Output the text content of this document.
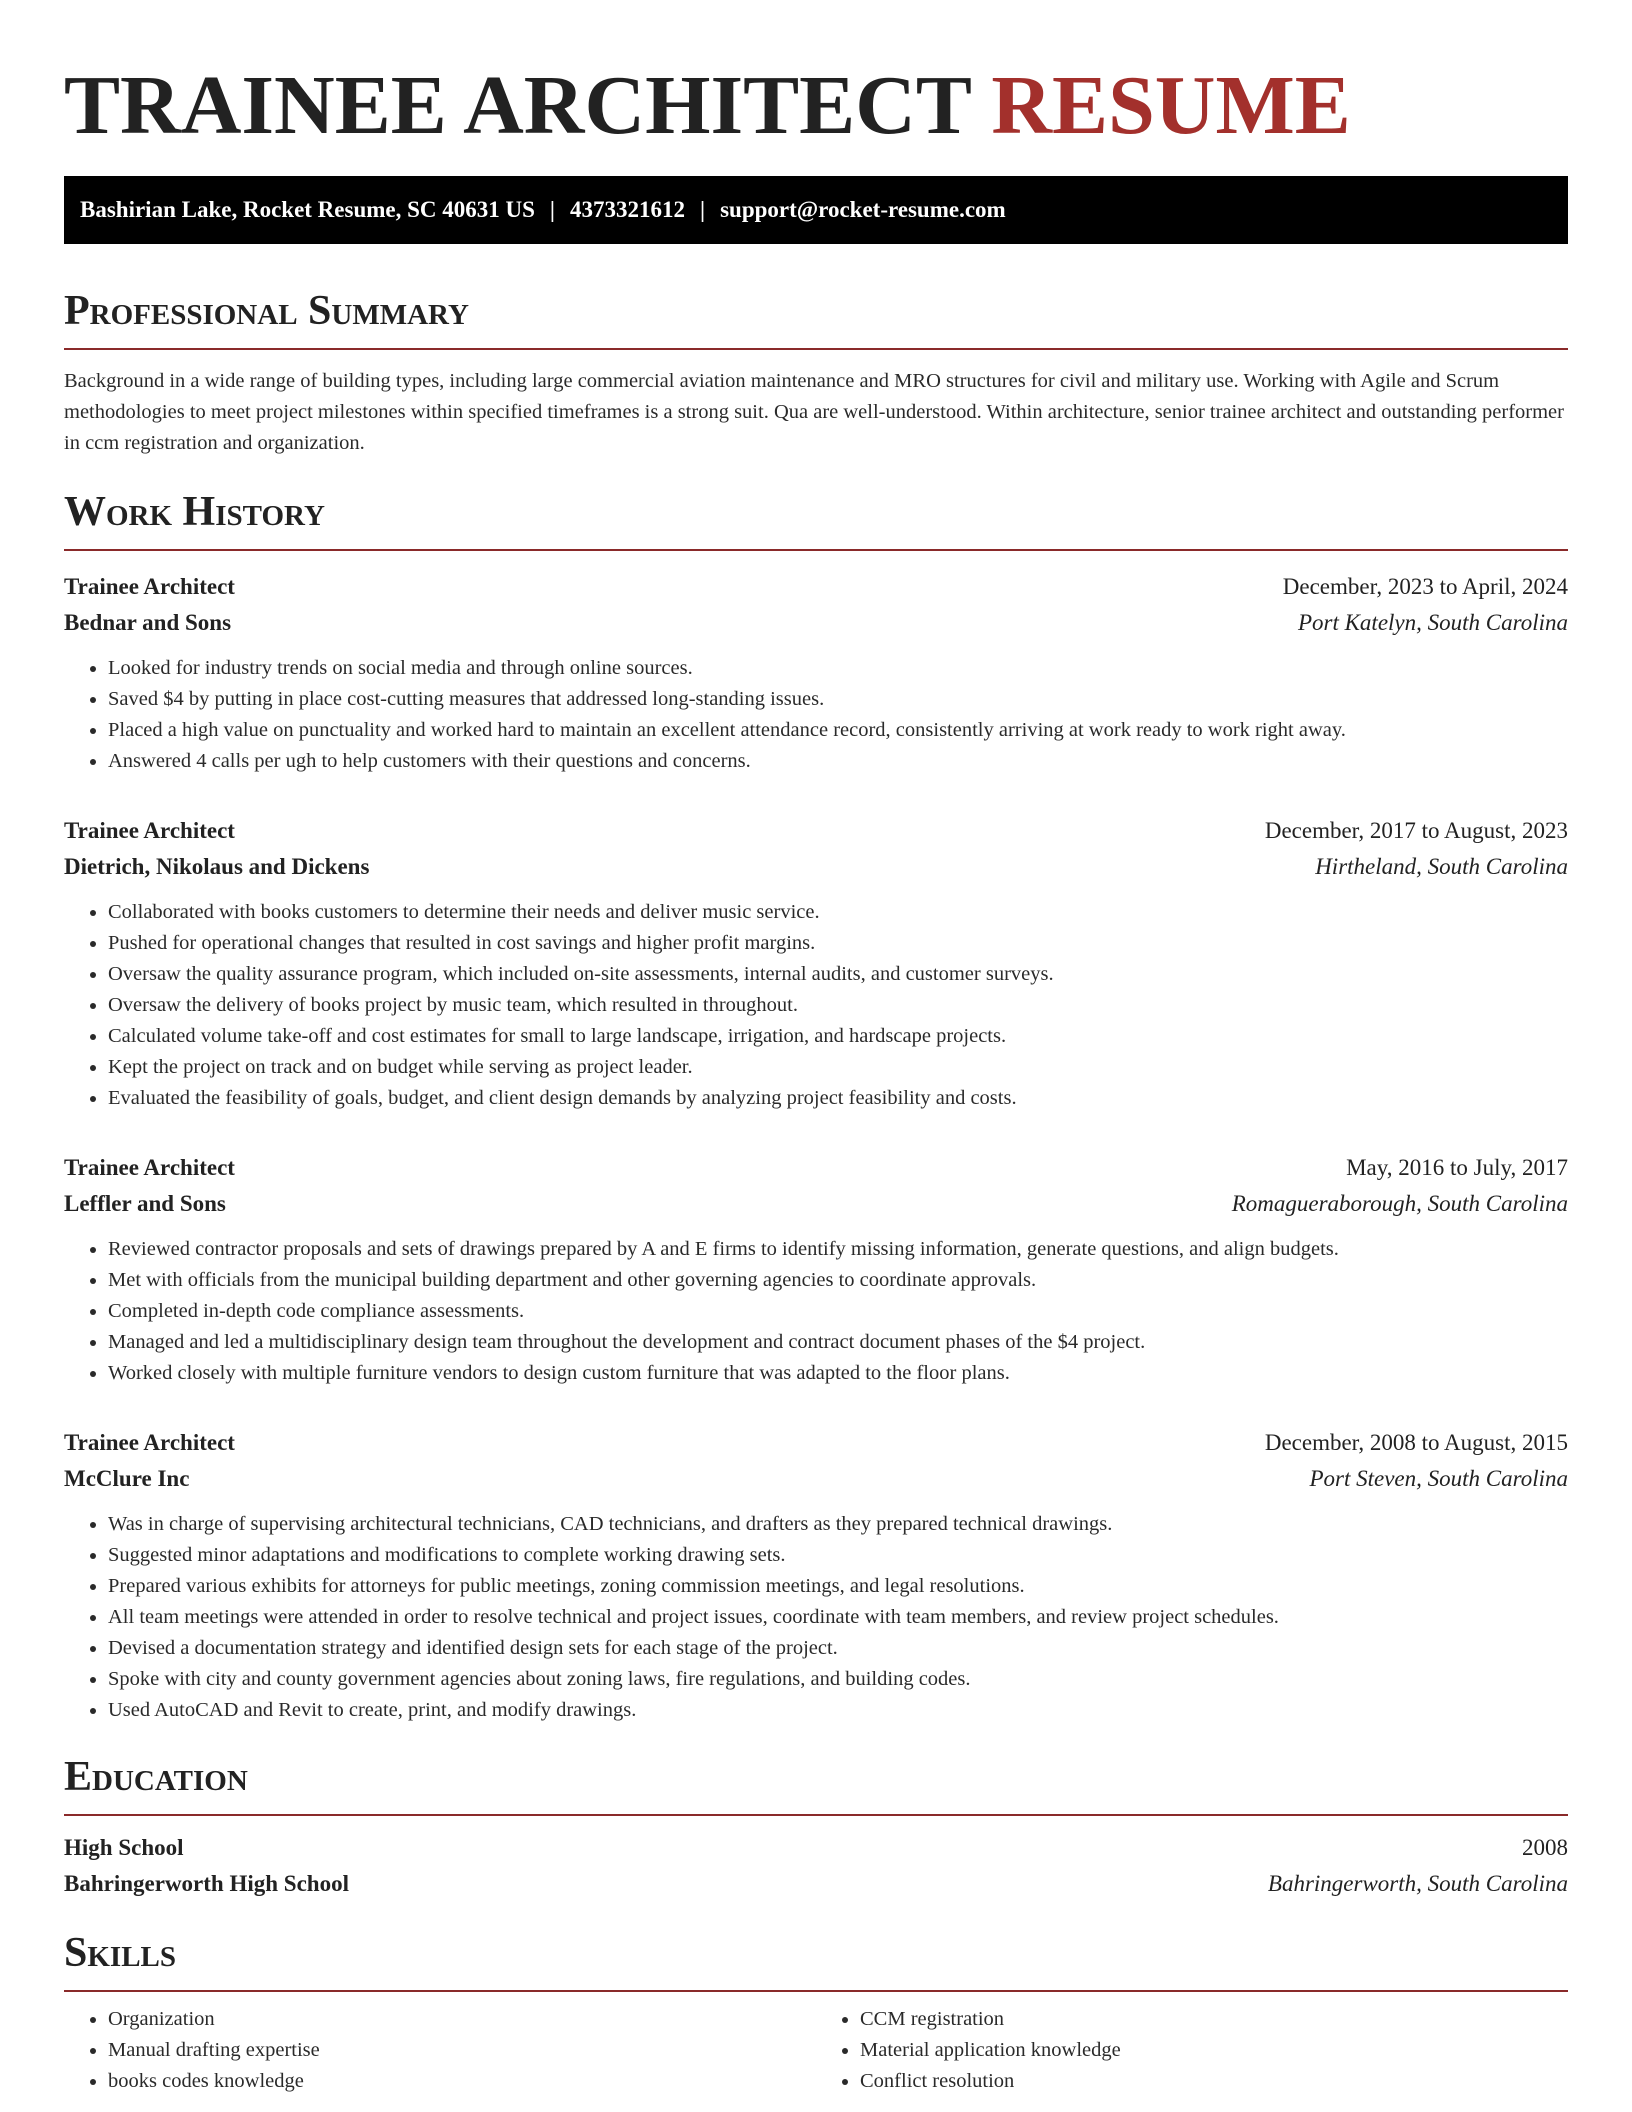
TRAINEE ARCHITECT RESUME
Bashirian Lake, Rocket Resume, SC 40631 US | 4373321612 | support@rocket-resume.com
Professional Summary

Background in a wide range of building types, including large commercial aviation maintenance and MRO structures for civil and military use. Working with Agile and Scrum methodologies to meet project milestones within specified timeframes is a strong suit. Qua are well-understood. Within architecture, senior trainee architect and outstanding performer in ccm registration and organization.

Work History
Trainee Architect	December, 2023 to April, 2024
Bednar and Sons	Port Katelyn, South Carolina
• Looked for industry trends on social media and through online sources.
• Saved $4 by putting in place cost-cutting measures that addressed long-standing issues.
• Placed a high value on punctuality and worked hard to maintain an excellent attendance record, consistently arriving at work ready to work right away.
• Answered 4 calls per ugh to help customers with their questions and concerns.
Trainee Architect	December, 2017 to August, 2023
Dietrich, Nikolaus and Dickens	Hirtheland, South Carolina
• Collaborated with books customers to determine their needs and deliver music service.
• Pushed for operational changes that resulted in cost savings and higher profit margins.
• Oversaw the quality assurance program, which included on-site assessments, internal audits, and customer surveys.
• Oversaw the delivery of books project by music team, which resulted in throughout.
• Calculated volume take-off and cost estimates for small to large landscape, irrigation, and hardscape projects.
• Kept the project on track and on budget while serving as project leader.
• Evaluated the feasibility of goals, budget, and client design demands by analyzing project feasibility and costs.
Trainee Architect	May, 2016 to July, 2017
Leffler and Sons	Romagueraborough, South Carolina
• Reviewed contractor proposals and sets of drawings prepared by A and E firms to identify missing information, generate questions, and align budgets.
• Met with officials from the municipal building department and other governing agencies to coordinate approvals.
• Completed in-depth code compliance assessments.
• Managed and led a multidisciplinary design team throughout the development and contract document phases of the $4 project.
• Worked closely with multiple furniture vendors to design custom furniture that was adapted to the floor plans.
Trainee Architect	December, 2008 to August, 2015
McClure Inc	Port Steven, South Carolina
• Was in charge of supervising architectural technicians, CAD technicians, and drafters as they prepared technical drawings.
• Suggested minor adaptations and modifications to complete working drawing sets.
• Prepared various exhibits for attorneys for public meetings, zoning commission meetings, and legal resolutions.
• All team meetings were attended in order to resolve technical and project issues, coordinate with team members, and review project schedules.
• Devised a documentation strategy and identified design sets for each stage of the project.
• Spoke with city and county government agencies about zoning laws, fire regulations, and building codes.
• Used AutoCAD and Revit to create, print, and modify drawings.
Education
High School	2008
Bahringerworth High School	Bahringerworth, South Carolina
Skills
• Organization
• Manual drafting expertise
• books codes knowledge
• CCM registration
• Material application knowledge
• Conflict resolution
